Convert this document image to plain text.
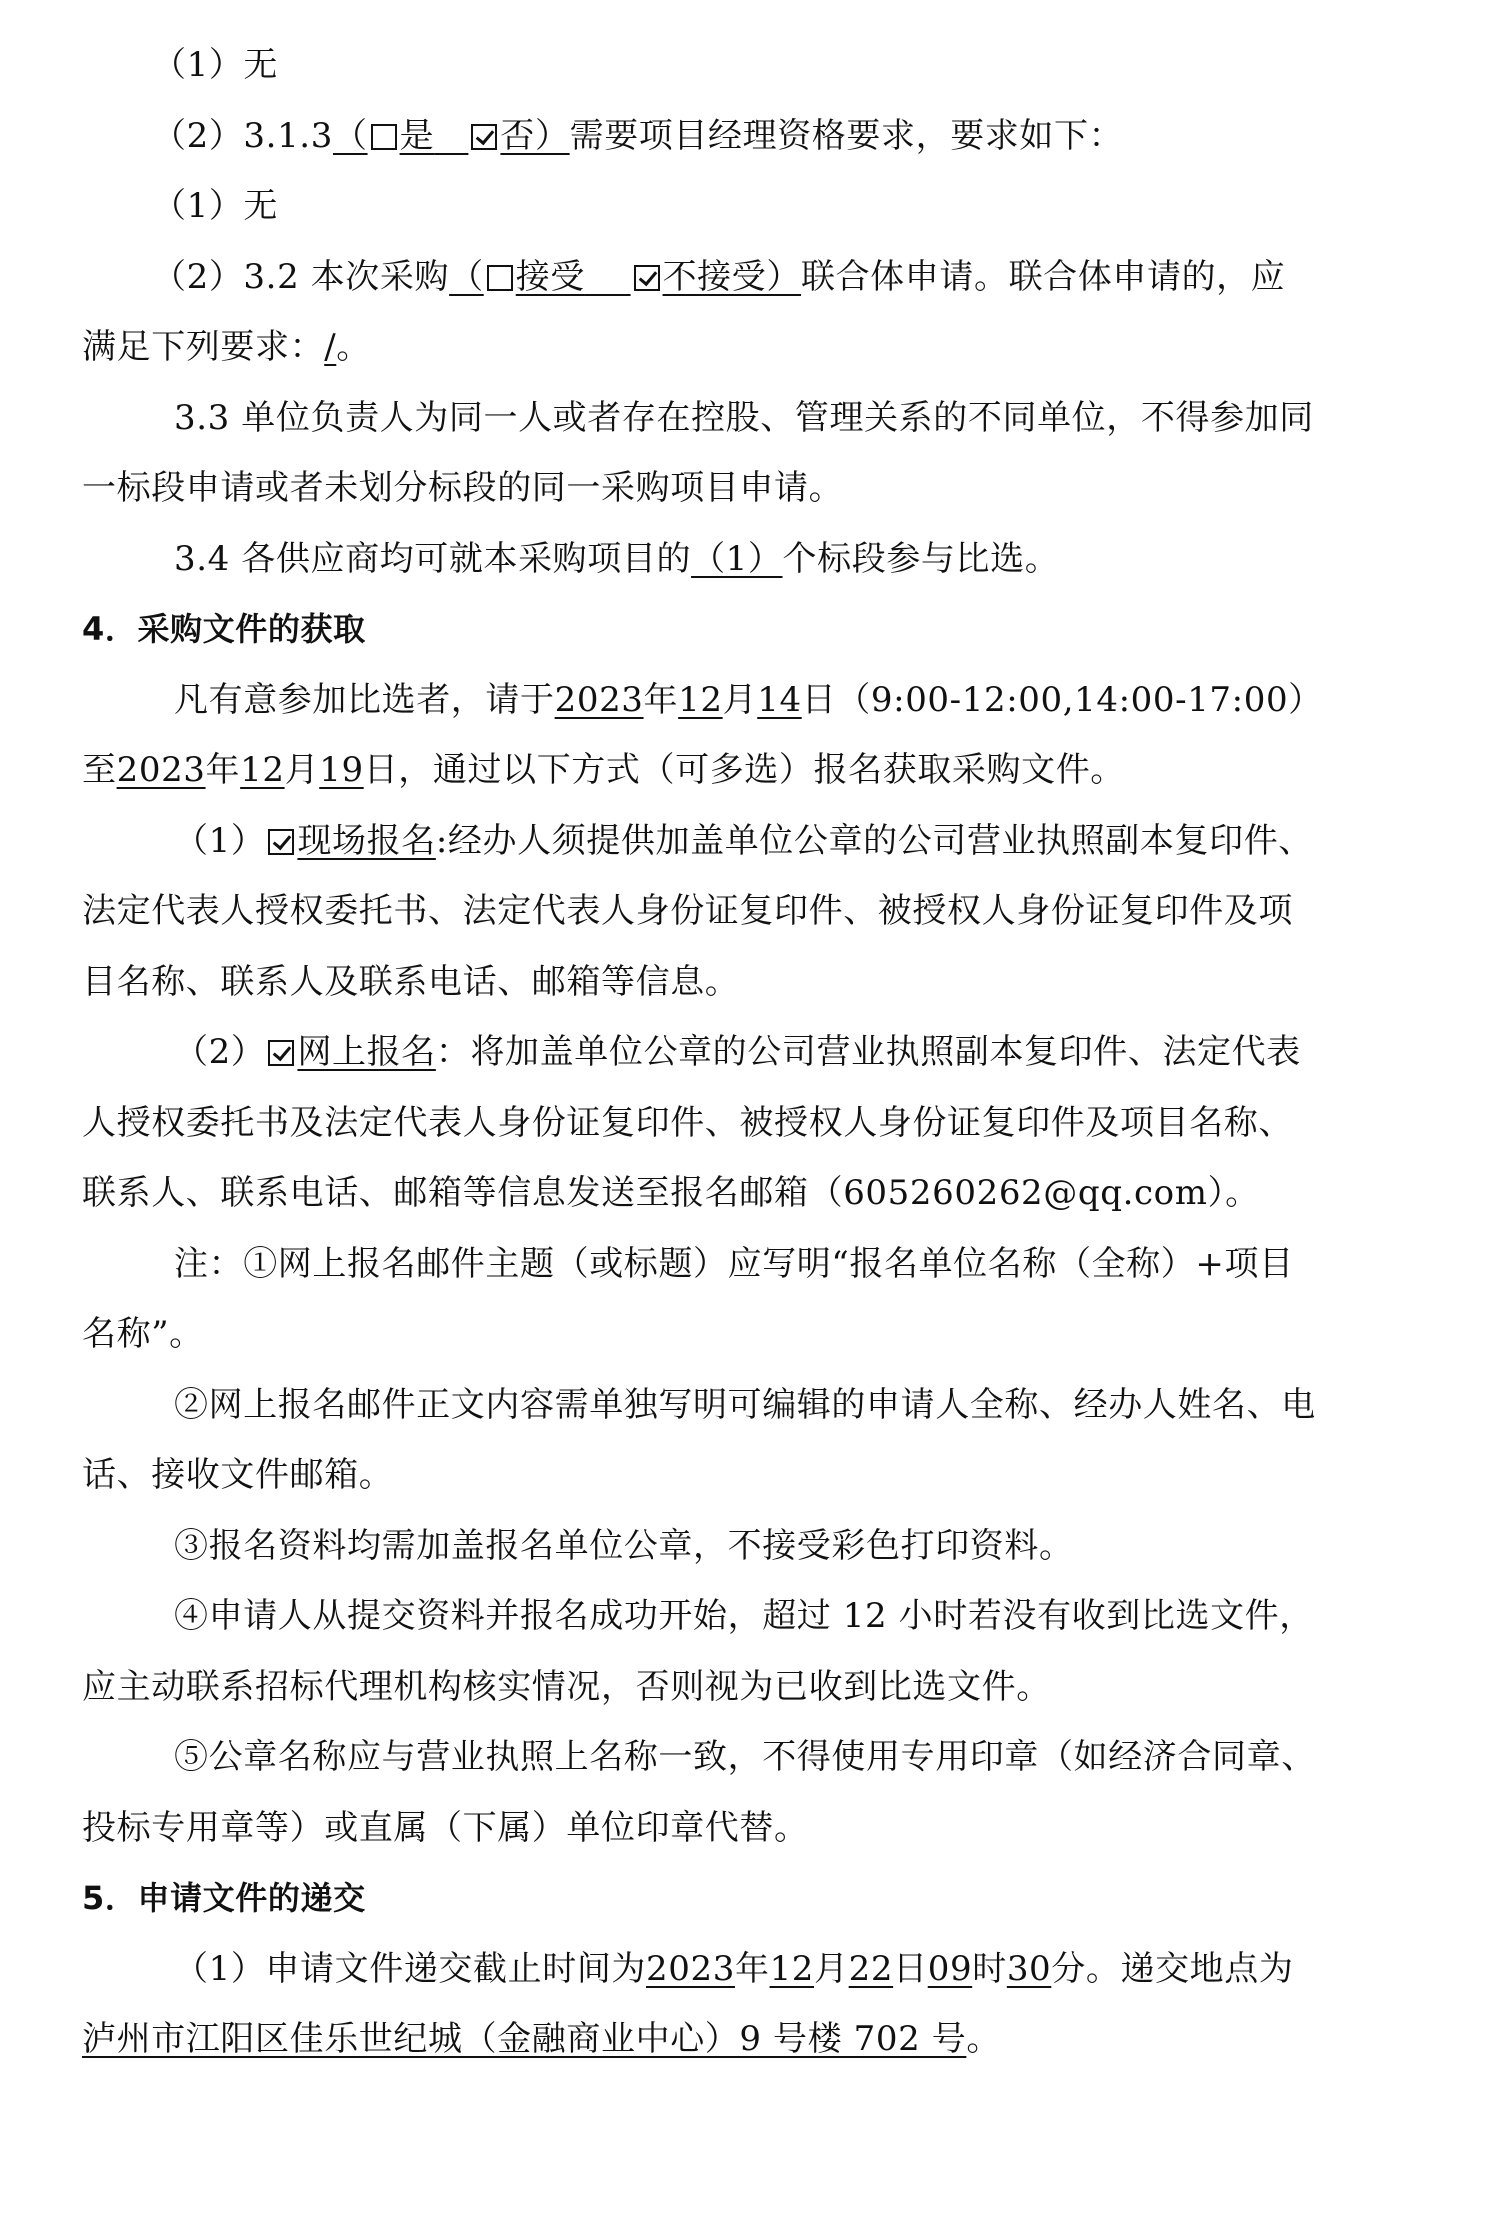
（1）无
（2）3.1.3（ 是 否）需要项目经理资格要求，要求如下：
（1）无
（2）3.2 本次采购（ 接受 不接受）联合体申请。联合体申请的，应
满足下列要求：/。
3.3 单位负责人为同一人或者存在控股、管理关系的不同单位，不得参加同
一标段申请或者未划分标段的同一采购项目申请。
3.4 各供应商均可就本采购项目的（1）个标段参与比选。
4．采购文件的获取
凡有意参加比选者，请于2023年12月14日（9:00-12:00,14:00-17:00）
至2023年12月19日，通过以下方式（可多选）报名获取采购文件。
（1） 现场报名:经办人须提供加盖单位公章的公司营业执照副本复印件、
法定代表人授权委托书、法定代表人身份证复印件、被授权人身份证复印件及项
目名称、联系人及联系电话、邮箱等信息。
（2） 网上报名：将加盖单位公章的公司营业执照副本复印件、法定代表
人授权委托书及法定代表人身份证复印件、被授权人身份证复印件及项目名称、
联系人、联系电话、邮箱等信息发送至报名邮箱（605260262@qq.com）。
注：①网上报名邮件主题（或标题）应写明“报名单位名称（全称）+项目
名称”。
②网上报名邮件正文内容需单独写明可编辑的申请人全称、经办人姓名、电
话、接收文件邮箱。
③报名资料均需加盖报名单位公章，不接受彩色打印资料。
④申请人从提交资料并报名成功开始，超过 12 小时若没有收到比选文件，
应主动联系招标代理机构核实情况，否则视为已收到比选文件。
⑤公章名称应与营业执照上名称一致，不得使用专用印章（如经济合同章、
投标专用章等）或直属（下属）单位印章代替。
5．申请文件的递交
（1）申请文件递交截止时间为2023年12月22日09时30分。递交地点为
泸州市江阳区佳乐世纪城（金融商业中心）9 号楼 702 号。
